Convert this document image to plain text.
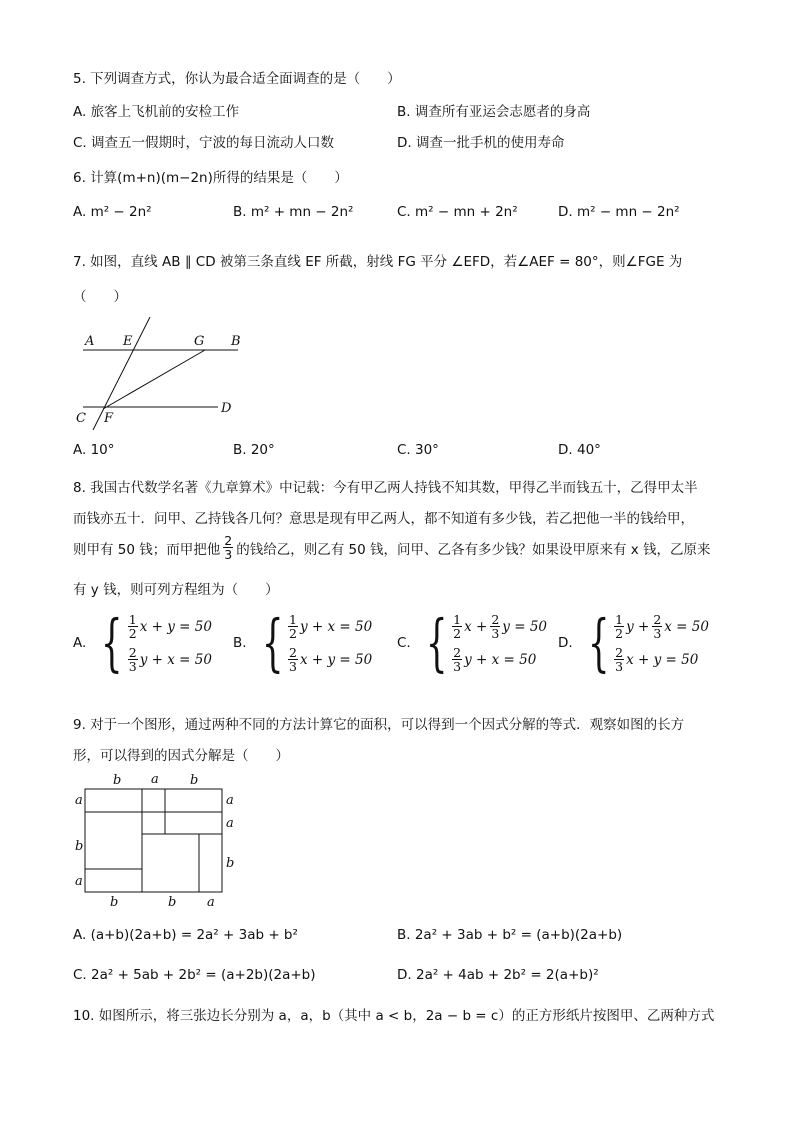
5. 下列调查方式，你认为最合适全面调查的是（　　）
A. 旅客上飞机前的安检工作	B. 调查所有亚运会志愿者的身高
C. 调查五一假期时，宁波的每日流动人口数	D. 调查一批手机的使用寿命
6. 计算(m+n)(m−2n)所得的结果是（　　）
A. m² − 2n²	B. m² + mn − 2n²	C. m² − mn + 2n²	D. m² − mn − 2n²
7. 如图，直线 AB ∥ CD 被第三条直线 EF 所截，射线 FG 平分 ∠EFD，若∠AEF = 80°，则∠FGE 为
（　　）
A E	G B
C F
D
A. 10°	B. 20°	C. 30°	D. 40°
8. 我国古代数学名著《九章算术》中记载：今有甲乙两人持钱不知其数，甲得乙半而钱五十，乙得甲太半
而钱亦五十．问甲、乙持钱各几何？意思是现有甲乙两人，都不知道有多少钱，若乙把他一半的钱给甲，
则甲有 50 钱；而甲把他 $\frac{2}{3}$ 的钱给乙，则乙有 50 钱，问甲、乙各有多少钱？如果设甲原来有 x 钱，乙原来
有 y 钱，则可列方程组为（　　）
A. { $\frac{1}{2}$ x + y = 50
$\frac{2}{3}$ y + x = 50
B. { $\frac{1}{2}$ y + x = 50
$\frac{2}{3}$ x + y = 50
C. { $\frac{1}{2}$ $x + \frac{2}{3}$ y = 50
$\frac{2}{3}$ y + x = 50
D. { $\frac{1}{2}$ $y + \frac{2}{3}$ x = 50
$\frac{2}{3}$ x + y = 50
9. 对于一个图形，通过两种不同的方法计算它的面积，可以得到一个因式分解的等式．观察如图的长方
形，可以得到的因式分解是（　　）
b a b
a
b
a
a
a
b
b	b a
A. (a+b)(2a+b) = 2a² + 3ab + b²	B. 2a² + 3ab + b² = (a+b)(2a+b)
C. 2a² + 5ab + 2b² = (a+2b)(2a+b)	D. 2a² + 4ab + 2b² = 2(a+b)²
10. 如图所示，将三张边长分别为 a，a，b（其中 a < b，2a − b = c）的正方形纸片按图甲、乙两种方式
